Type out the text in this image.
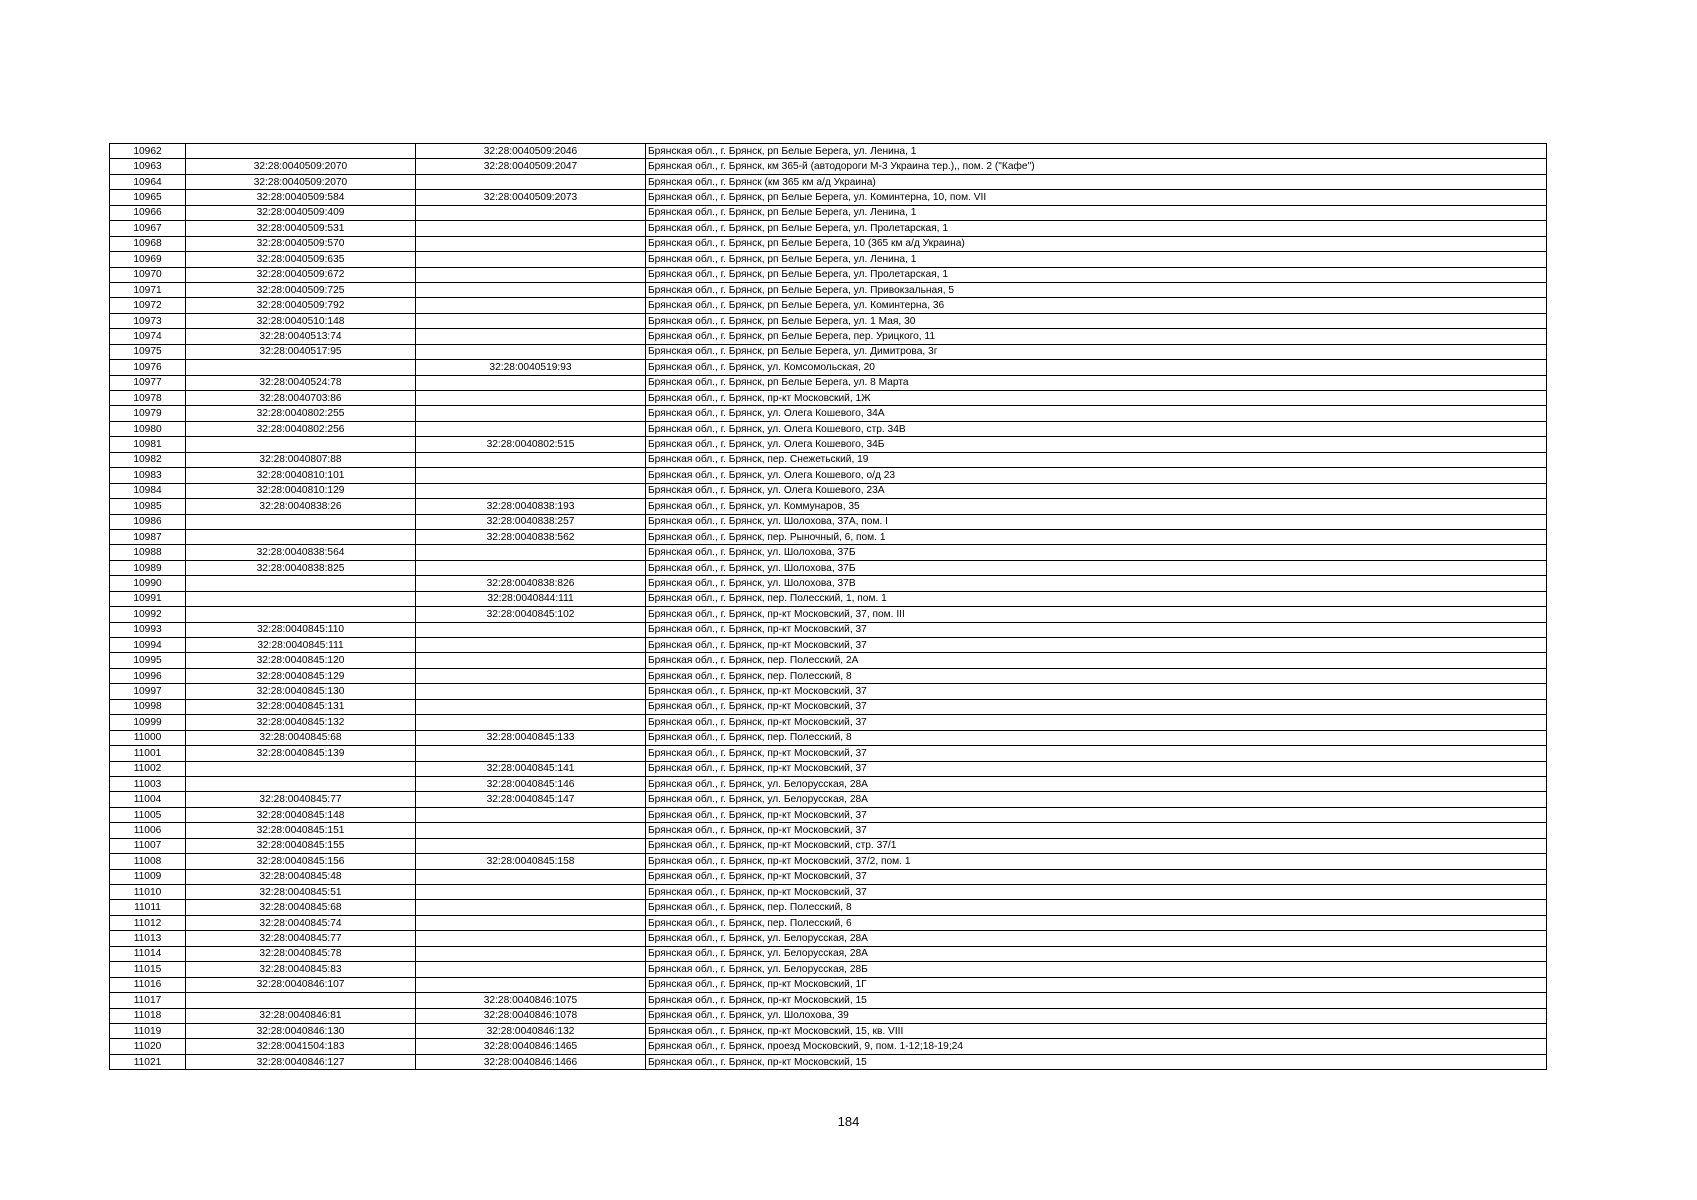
10962		32:28:0040509:2046	Брянская обл., г. Брянск, рп Белые Берега, ул. Ленина, 1
10963	32:28:0040509:2070	32:28:0040509:2047	Брянская обл., г. Брянск, км 365-й (автодороги М-3 Украина тер.),, пом. 2 ("Кафе")
10964	32:28:0040509:2070		Брянская обл., г. Брянск (км 365 км а/д Украина)
10965	32:28:0040509:584	32:28:0040509:2073	Брянская обл., г. Брянск, рп Белые Берега, ул. Коминтерна, 10, пом. VII
10966	32:28:0040509:409		Брянская обл., г. Брянск, рп Белые Берега, ул. Ленина, 1
10967	32:28:0040509:531		Брянская обл., г. Брянск, рп Белые Берега, ул. Пролетарская, 1
10968	32:28:0040509:570		Брянская обл., г. Брянск, рп Белые Берега, 10 (365 км а/д Украина)
10969	32:28:0040509:635		Брянская обл., г. Брянск, рп Белые Берега, ул. Ленина, 1
10970	32:28:0040509:672		Брянская обл., г. Брянск, рп Белые Берега, ул. Пролетарская, 1
10971	32:28:0040509:725		Брянская обл., г. Брянск, рп Белые Берега, ул. Привокзальная, 5
10972	32:28:0040509:792		Брянская обл., г. Брянск, рп Белые Берега, ул. Коминтерна, 36
10973	32:28:0040510:148		Брянская обл., г. Брянск, рп Белые Берега, ул. 1 Мая, 30
10974	32:28:0040513:74		Брянская обл., г. Брянск, рп Белые Берега, пер. Урицкого, 11
10975	32:28:0040517:95		Брянская обл., г. Брянск, рп Белые Берега, ул. Димитрова, 3г
10976		32:28:0040519:93	Брянская обл., г. Брянск, ул. Комсомольская, 20
10977	32:28:0040524:78		Брянская обл., г. Брянск, рп Белые Берега, ул. 8 Марта
10978	32:28:0040703:86		Брянская обл., г. Брянск, пр-кт Московский, 1Ж
10979	32:28:0040802:255		Брянская обл., г. Брянск, ул. Олега Кошевого, 34А
10980	32:28:0040802:256		Брянская обл., г. Брянск, ул. Олега Кошевого, стр. 34В
10981		32:28:0040802:515	Брянская обл., г. Брянск, ул. Олега Кошевого, 34Б
10982	32:28:0040807:88		Брянская обл., г. Брянск, пер. Снежетьский, 19
10983	32:28:0040810:101		Брянская обл., г. Брянск, ул. Олега Кошевого, о/д 23
10984	32:28:0040810:129		Брянская обл., г. Брянск, ул. Олега Кошевого, 23А
10985	32:28:0040838:26	32:28:0040838:193	Брянская обл., г. Брянск, ул. Коммунаров, 35
10986		32:28:0040838:257	Брянская обл., г. Брянск, ул. Шолохова, 37А, пом. I
10987		32:28:0040838:562	Брянская обл., г. Брянск, пер. Рыночный, 6, пом. 1
10988	32:28:0040838:564		Брянская обл., г. Брянск, ул. Шолохова, 37Б
10989	32:28:0040838:825		Брянская обл., г. Брянск, ул. Шолохова, 37Б
10990		32:28:0040838:826	Брянская обл., г. Брянск, ул. Шолохова, 37В
10991		32:28:0040844:111	Брянская обл., г. Брянск, пер. Полесский, 1, пом. 1
10992		32:28:0040845:102	Брянская обл., г. Брянск, пр-кт Московский, 37, пом. III
10993	32:28:0040845:110		Брянская обл., г. Брянск, пр-кт Московский, 37
10994	32:28:0040845:111		Брянская обл., г. Брянск, пр-кт Московский, 37
10995	32:28:0040845:120		Брянская обл., г. Брянск, пер. Полесский, 2А
10996	32:28:0040845:129		Брянская обл., г. Брянск, пер. Полесский, 8
10997	32:28:0040845:130		Брянская обл., г. Брянск, пр-кт Московский, 37
10998	32:28:0040845:131		Брянская обл., г. Брянск, пр-кт Московский, 37
10999	32:28:0040845:132		Брянская обл., г. Брянск, пр-кт Московский, 37
11000	32:28:0040845:68	32:28:0040845:133	Брянская обл., г. Брянск, пер. Полесский, 8
11001	32:28:0040845:139		Брянская обл., г. Брянск, пр-кт Московский, 37
11002		32:28:0040845:141	Брянская обл., г. Брянск, пр-кт Московский, 37
11003		32:28:0040845:146	Брянская обл., г. Брянск, ул. Белорусская, 28А
11004	32:28:0040845:77	32:28:0040845:147	Брянская обл., г. Брянск, ул. Белорусская, 28А
11005	32:28:0040845:148		Брянская обл., г. Брянск, пр-кт Московский, 37
11006	32:28:0040845:151		Брянская обл., г. Брянск, пр-кт Московский, 37
11007	32:28:0040845:155		Брянская обл., г. Брянск, пр-кт Московский, стр. 37/1
11008	32:28:0040845:156	32:28:0040845:158	Брянская обл., г. Брянск, пр-кт Московский, 37/2, пом. 1
11009	32:28:0040845:48		Брянская обл., г. Брянск, пр-кт Московский, 37
11010	32:28:0040845:51		Брянская обл., г. Брянск, пр-кт Московский, 37
11011	32:28:0040845:68		Брянская обл., г. Брянск, пер. Полесский, 8
11012	32:28:0040845:74		Брянская обл., г. Брянск, пер. Полесский, 6
11013	32:28:0040845:77		Брянская обл., г. Брянск, ул. Белорусская, 28А
11014	32:28:0040845:78		Брянская обл., г. Брянск, ул. Белорусская, 28А
11015	32:28:0040845:83		Брянская обл., г. Брянск, ул. Белорусская, 28Б
11016	32:28:0040846:107		Брянская обл., г. Брянск, пр-кт Московский, 1Г
11017		32:28:0040846:1075	Брянская обл., г. Брянск, пр-кт Московский, 15
11018	32:28:0040846:81	32:28:0040846:1078	Брянская обл., г. Брянск, ул. Шолохова, 39
11019	32:28:0040846:130	32:28:0040846:132	Брянская обл., г. Брянск, пр-кт Московский, 15, кв. VIII
11020	32:28:0041504:183	32:28:0040846:1465	Брянская обл., г. Брянск, проезд Московский, 9, пом. 1-12;18-19;24
11021	32:28:0040846:127	32:28:0040846:1466	Брянская обл., г. Брянск, пр-кт Московский, 15
184
